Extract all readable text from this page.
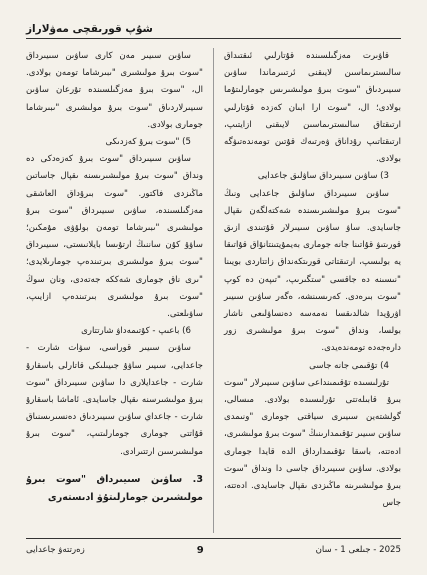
شۇپ قورىقچى مەۋلاراز

ساۋىن سىيىر مەن كارى ساۋىن سىيىرداق "سوت بىرۇ مولىشىرى "ىبىرشاما تومەن بولادى. ال، "سوت بىرۇ مەزگىلسىندە تۇرعان ساۋىن سىيىرلاردىاق "سوت بىرۇ مولىشىرى "ىبىرشاما جومارى بولادى.

5) "سوت بىرۇ كەزدىكى

ساۋىن سىيىرداق "سوت بىرۇ كەزەدكى دە ونداق "سوت بىرۇ مولىشىرىسنە ىقپال جاساتىن ماڭىزدى فاكتور. "سوت بىرۇداق العاشقى مەزگىلسىندە، ساۋىن سىيىرداق "سوت بىرۇ مولىشىرى "ىبىرشاما تومەن بولۇۋى مۇمكىن؛ ساۋۇ كۇن ساننىڭ ارتۇىسا بايلانىستى، سىيىرداق "سوت بىرۇ مولىشىرى بىرتىندەپ جومارىلايدى؛ "ىرى ناق جومارى شەككە جەتەدى، ونان سوڭ "سوت بىرۇ مولىشىرى بىرتىندەپ ازايىپ، ساۋىلعتى.

6) باعىپ - كۇتىمەداۋ شارتتارى

ساۋىن سىيىر قوراسى، سۋات شارت - جاعدايى، سىيىر ساۋۇ جىيىلىكى قاتارلى باسقارۇ شارت - جاعدايلارى دا ساۋىن سىيىرداق "سوت بىرۇ مولىشىرسنە ىقپال جاسايدى. ئاماشا باسقارۇ شارت - جاعداي ساۋىن سىيىردىاق دەنسىرىسنىاق قۇاتتى جومارى جومارلىتىپ، "سوت بىرۇ مولىشىرسىن ارتتىرادى.

3. ساۋىن سىيىرداق "سوت بىرۇ مولىشىرىن جومارلىتۇۋ ادىستەرى

قاۋىرت مەزگىلسىندە قۇتارلىي ئىقتىداق سالىسترىماسىن لايىقنى ئرتىىرماندا ساۋىن سىيىردىاق "سوت بىرۇ مولىشىرىس جومارلىتۇما بولادى؛ ال، "سوت ارا ابىان كەزدە قۇتارلىي ارتىقتاق سالىسترىماسىن لايىقنى ازايتىپ، ارتىقتاتىپ رۇداناق ۋەرتىەك قۇتىن تومەندەتىۋگە بولادى.

3) ساۋىن سىيىرداق ساۋلىق جاعدايى

ساۋىن سىيىرداق ساۋلىق جاعدايى ونىڭ "سوت بىرۇ مولىشىرىسندە شەكتەلگەن ىقپال جاسايدى. ساۋ ساۋىن سىيىرلار قۇتىندى ازىق قورىتىۋ قۇاتىنا جانە جومارى بەيمۇيتىنتانۇاق قۇاتىقا يە بولىسپ، ارتىقتاتى قورىتكەنداق زاتتاردى بويىنا "نىسىنە دە جاقسى "ستگىرىپ، "تىپەن دە كوپ "سوت بىرەدى. كەرىسىنشە، ەگەر ساۋىن سىيىر اۋرۇيدا شالدىقسا نەمەسە دەنساۋلىعى ناشار بولسا، ونداق "سوت بىرۇ مولىشىرى زور دارەجەدە تومەندەيدى.

4) تۇقىمى جانە جاسى

تۇرلىسىدە تۇقىمىنداعى ساۋىن سىيىرلار "سوت بىرۇ قابىلەتتى تۇرلىسىدە بولادى. مىسالى، گولشتەين سىيىرى سياقتى جومارى "ونىمدى ساۋىن سىيىر تۇقىمدارىنىڭ "سوت بىرۇ مولىشىرى، ادەتتە، باسقا تۇقىمدارداق الدە قايدا جومارى بولادى. ساۋىن سىيىرداق جاسى دا ونداق "سوت بىرۇ مولىشىرىنە ماڭىزدى ىقپال جاسايدى. ادەتتە، جاس

زەرتتەۋ جاعدايى	9	2025 - جىلعى 1 - سان
